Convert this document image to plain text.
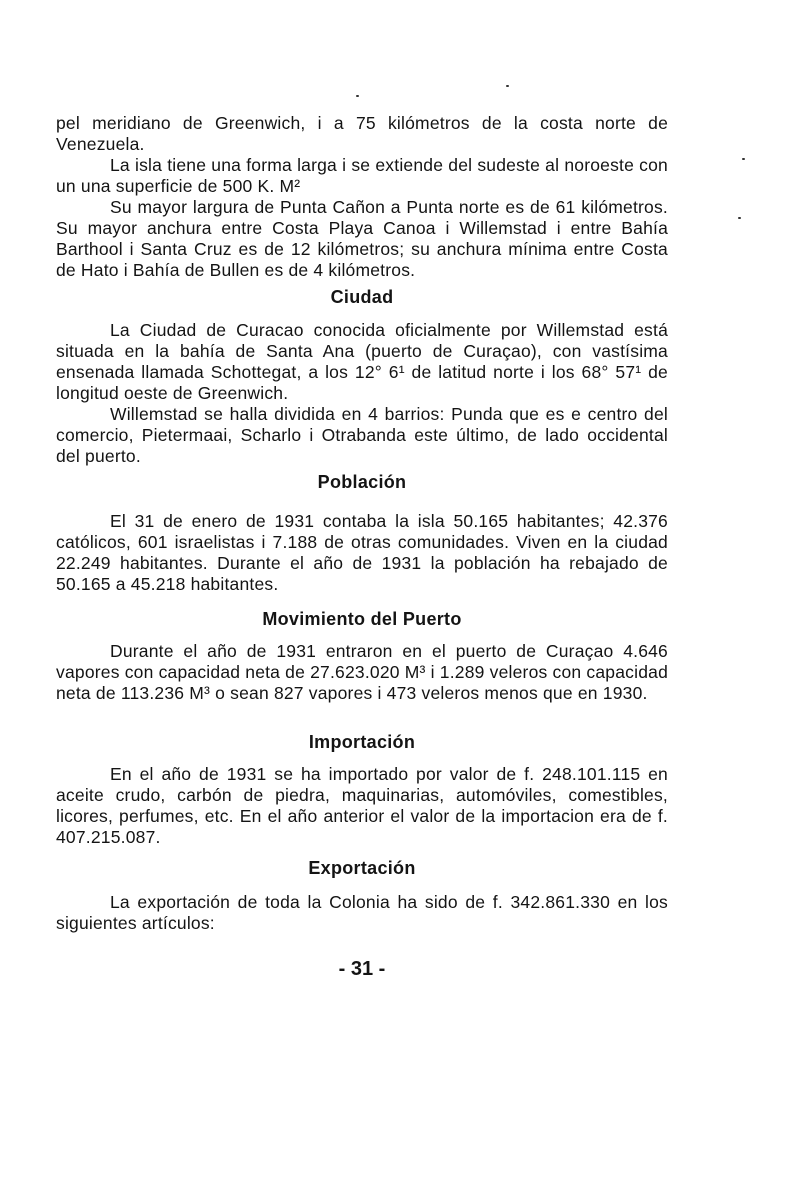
pel meridiano de Greenwich, i a 75 kilómetros de la costa norte de Venezuela.

La isla tiene una forma larga i se extiende del sudeste al noroeste con un una superficie de 500 K. M²

Su mayor largura de Punta Cañon a Punta norte es de 61 kilómetros. Su mayor anchura entre Costa Playa Canoa i Willemstad i entre Bahía Barthool i Santa Cruz es de 12 kilómetros; su anchura mínima entre Costa de Hato i Bahía de Bullen es de 4 kilómetros.

Ciudad

La Ciudad de Curacao conocida oficialmente por Willemstad está situada en la bahía de Santa Ana (puerto de Curaçao), con vastísima ensenada llamada Schottegat, a los 12° 6¹ de latitud norte i los 68° 57¹ de longitud oeste de Greenwich.

Willemstad se halla dividida en 4 barrios: Punda que es e centro del comercio, Pietermaai, Scharlo i Otrabanda este último, de lado occidental del puerto.

Población

El 31 de enero de 1931 contaba la isla 50.165 habitantes; 42.376 católicos, 601 israelistas i 7.188 de otras comunidades. Viven en la ciudad 22.249 habitantes. Durante el año de 1931 la población ha rebajado de 50.165 a 45.218 habitantes.

Movimiento del Puerto

Durante el año de 1931 entraron en el puerto de Curaçao 4.646 vapores con capacidad neta de 27.623.020 M³ i 1.289 veleros con capacidad neta de 113.236 M³ o sean 827 vapores i 473 veleros menos que en 1930.

Importación

En el año de 1931 se ha importado por valor de f. 248.101.115 en aceite crudo, carbón de piedra, maquinarias, automóviles, comestibles, licores, perfumes, etc. En el año anterior el valor de la importacion era de f. 407.215.087.

Exportación

La exportación de toda la Colonia ha sido de f. 342.861.330 en los siguientes artículos:

- 31 -
